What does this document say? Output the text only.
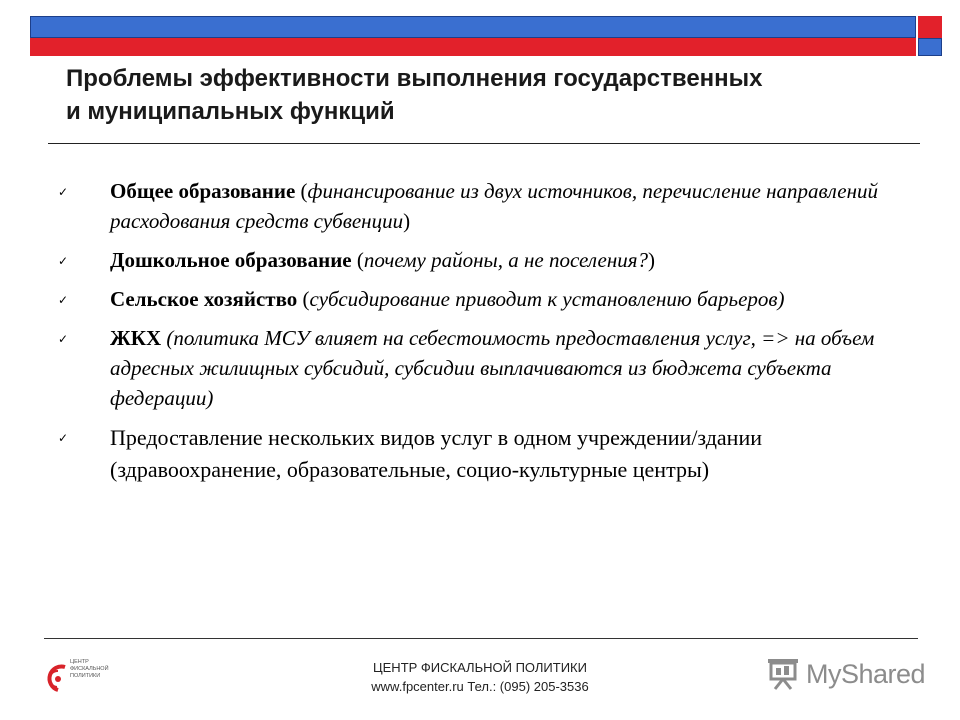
Проблемы эффективности выполнения государственных
и муниципальных функций
✓ Общее образование (финансирование из двух источников, перечисление направлений расходования средств субвенции)
✓ Дошкольное образование (почему районы, а не поселения?)
✓ Сельское хозяйство (субсидирование приводит к установлению барьеров)
✓ ЖКХ (политика МСУ влияет на себестоимость предоставления услуг, => на объем адресных жилищных субсидий, субсидии выплачиваются из бюджета субъекта федерации)
✓ Предоставление нескольких видов услуг в одном учреждении/здании (здравоохранение, образовательные, социо-культурные центры)
ЦЕНТР
ФИСКАЛЬНОЙ
ПОЛИТИКИ
ЦЕНТР ФИСКАЛЬНОЙ ПОЛИТИКИ
www.fpcenter.ru Тел.: (095) 205-3536	MyShared
